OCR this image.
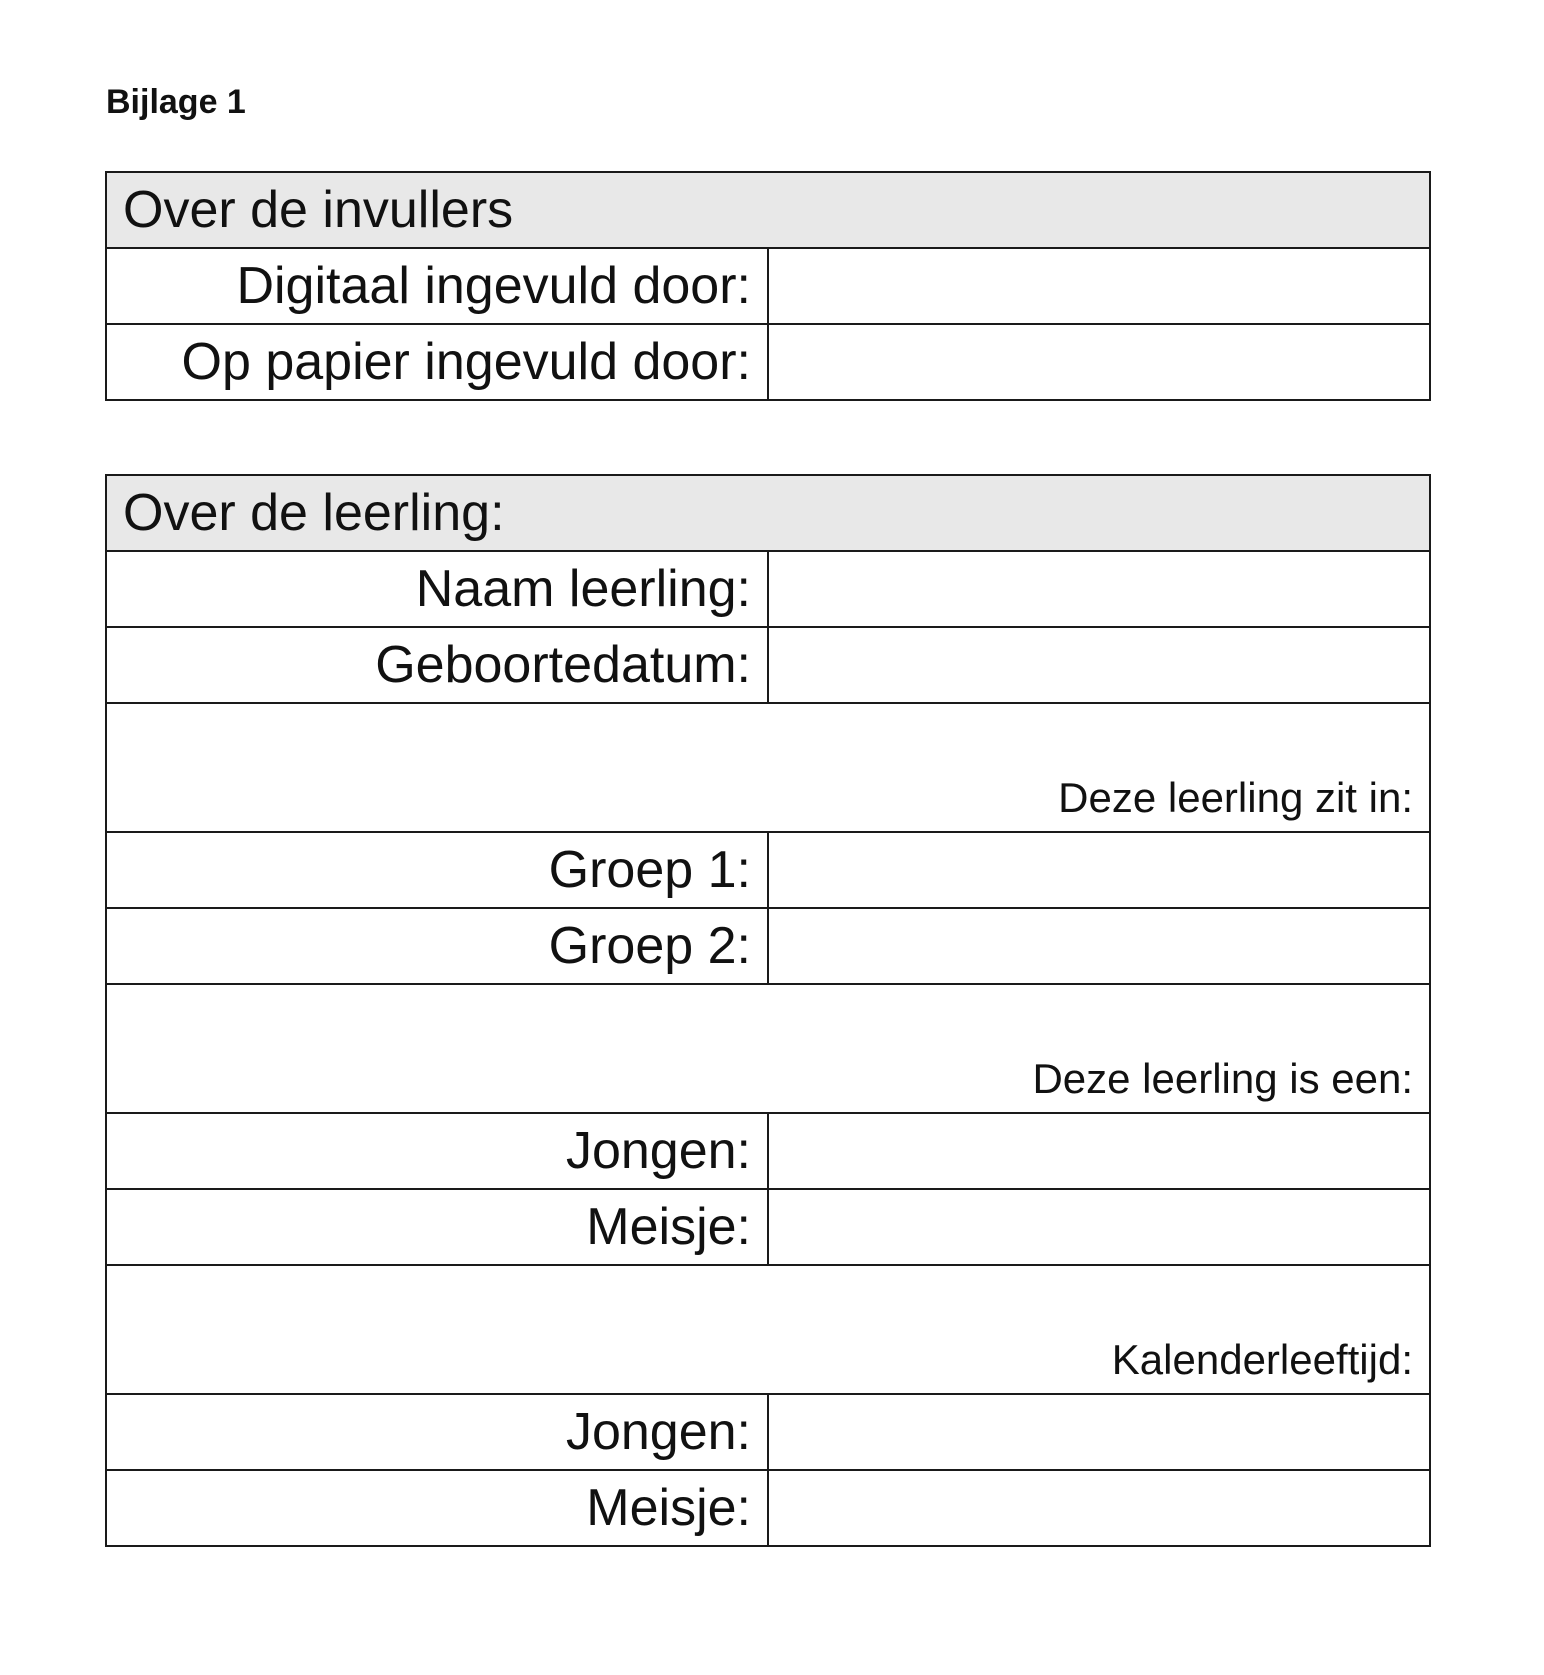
Bijlage 1
Over de invullers	
Digitaal ingevuld door:	
Op papier ingevuld door:	
Over de leerling:	
Naam leerling:	
Geboortedatum:	
Deze leerling zit in:	
Groep 1:	
Groep 2:	
Deze leerling is een:	
Jongen:	
Meisje:	
Kalenderleeftijd:	
Jongen:	
Meisje:	
